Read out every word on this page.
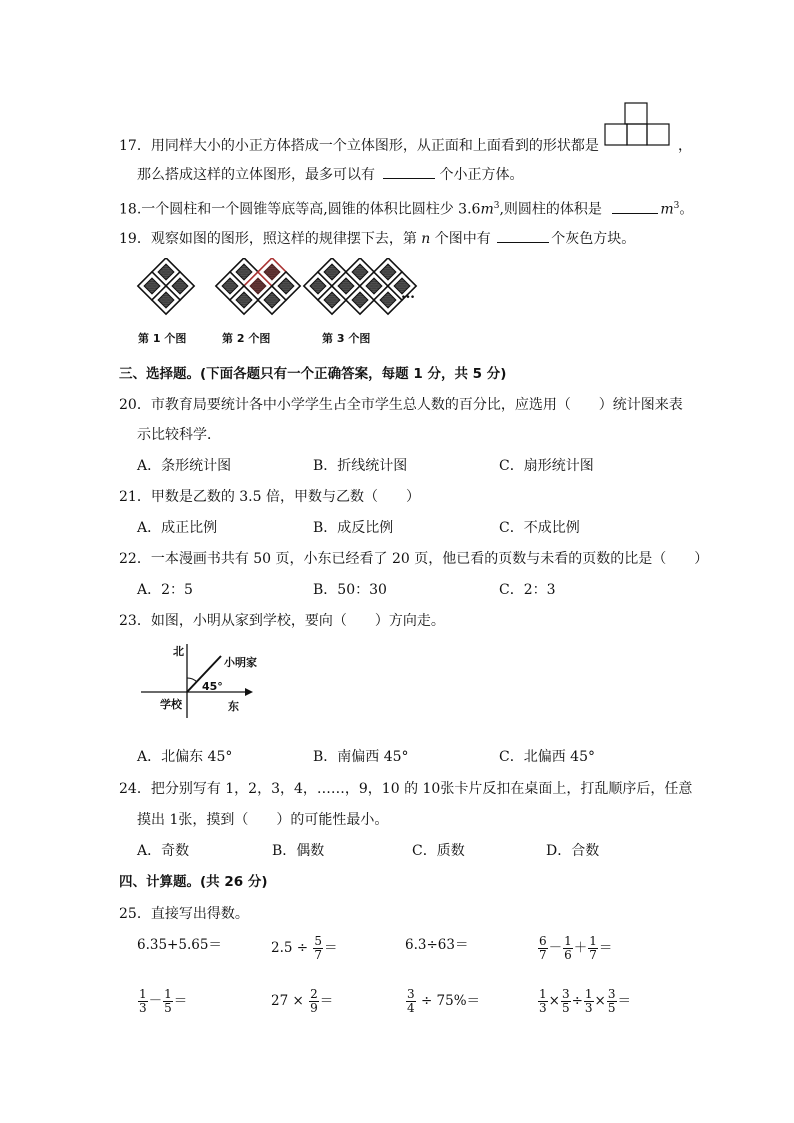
17．用同样大小的小正方体搭成一个立体图形，从正面和上面看到的形状都是	，
那么搭成这样的立体图形，最多可以有	个小正方体。
18.一个圆柱和一个圆锥等底等高,圆锥的体积比圆柱少 $3.6m^3$,则圆柱的体积是	$m^3$。
19．观察如图的图形，照这样的规律摆下去，第 n 个图中有	个灰色方块。
…
第 1 个图	第 2 个图	第 3 个图
三、选择题。(下面各题只有一个正确答案，每题 1 分，共 5 分)
20．市教育局要统计各中小学学生占全市学生总人数的百分比，应选用（　　）统计图来表
示比较科学．
A．条形统计图	B．折线统计图	C．扇形统计图
21．甲数是乙数的 3.5 倍，甲数与乙数（　　）
A．成正比例	B．成反比例	C．不成比例
22．一本漫画书共有 50 页，小东已经看了 20 页，他已看的页数与未看的页数的比是（　　）
A．2：5	B．50：30	C．2：3
23．如图，小明从家到学校，要向（　　）方向走。
北
小明家
45°
学校	东
A．北偏东 45°	B．南偏西 45°	C．北偏西 45°
24．把分别写有 1，2，3，4，……，9，10 的 10张卡片反扣在桌面上，打乱顺序后，任意
摸出 1张，摸到（　　）的可能性最小。
A．奇数	B．偶数	C．质数	D．合数
四、计算题。(共 26 分)
25．直接写出得数。
6.35+5.65＝	$2.5 \div \frac{5}{7}$ ＝	6.3÷63＝	$\frac{6}{7} - \frac{1}{6} + \frac{1}{7}$ ＝
$\frac{1}{3} - \frac{1}{5}$ ＝	$27 \times \frac{2}{9}$ ＝	$\frac{3}{4} \div 75\%=$	$\frac{1}{3} \times \frac{3}{5} \div \frac{1}{3} \times \frac{3}{5}$ ＝
